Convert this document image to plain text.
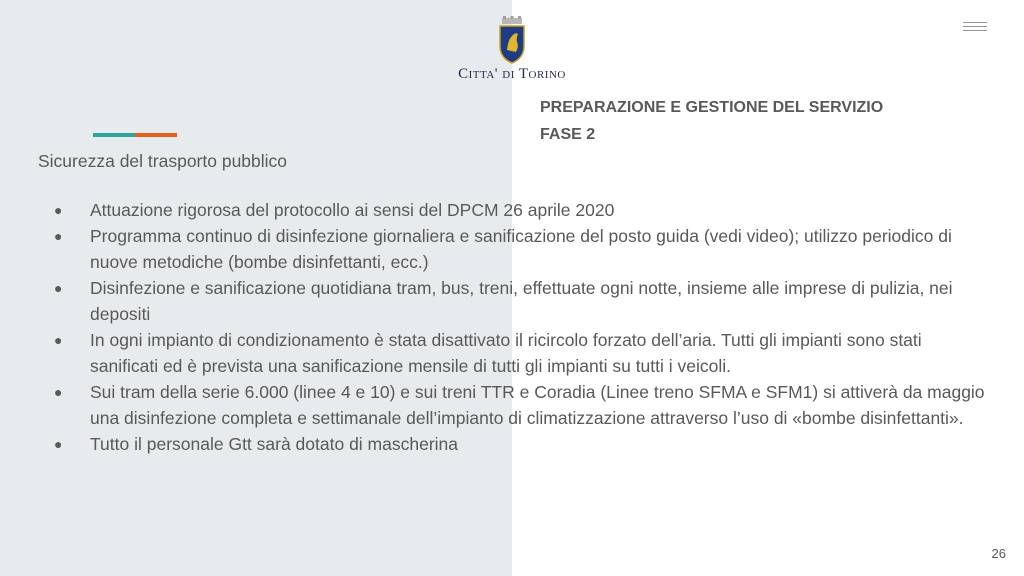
Citta' di Torino
PREPARAZIONE E GESTIONE DEL SERVIZIO
FASE 2
Sicurezza del trasporto pubblico
● Attuazione rigorosa del protocollo ai sensi del DPCM 26 aprile 2020
● Programma continuo di disinfezione giornaliera e sanificazione del posto guida (vedi video); utilizzo periodico di nuove metodiche (bombe disinfettanti, ecc.)
● Disinfezione e sanificazione quotidiana tram, bus, treni, effettuate ogni notte, insieme alle imprese di pulizia, nei depositi
● In ogni impianto di condizionamento è stata disattivato il ricircolo forzato dell’aria. Tutti gli impianti sono stati sanificati ed è prevista una sanificazione mensile di tutti gli impianti su tutti i veicoli.
● Sui tram della serie 6.000 (linee 4 e 10) e sui treni TTR e Coradia (Linee treno SFMA e SFM1) si attiverà da maggio una disinfezione completa e settimanale dell’impianto di climatizzazione attraverso l’uso di «bombe disinfettanti».
● Tutto il personale Gtt sarà dotato di mascherina
26
